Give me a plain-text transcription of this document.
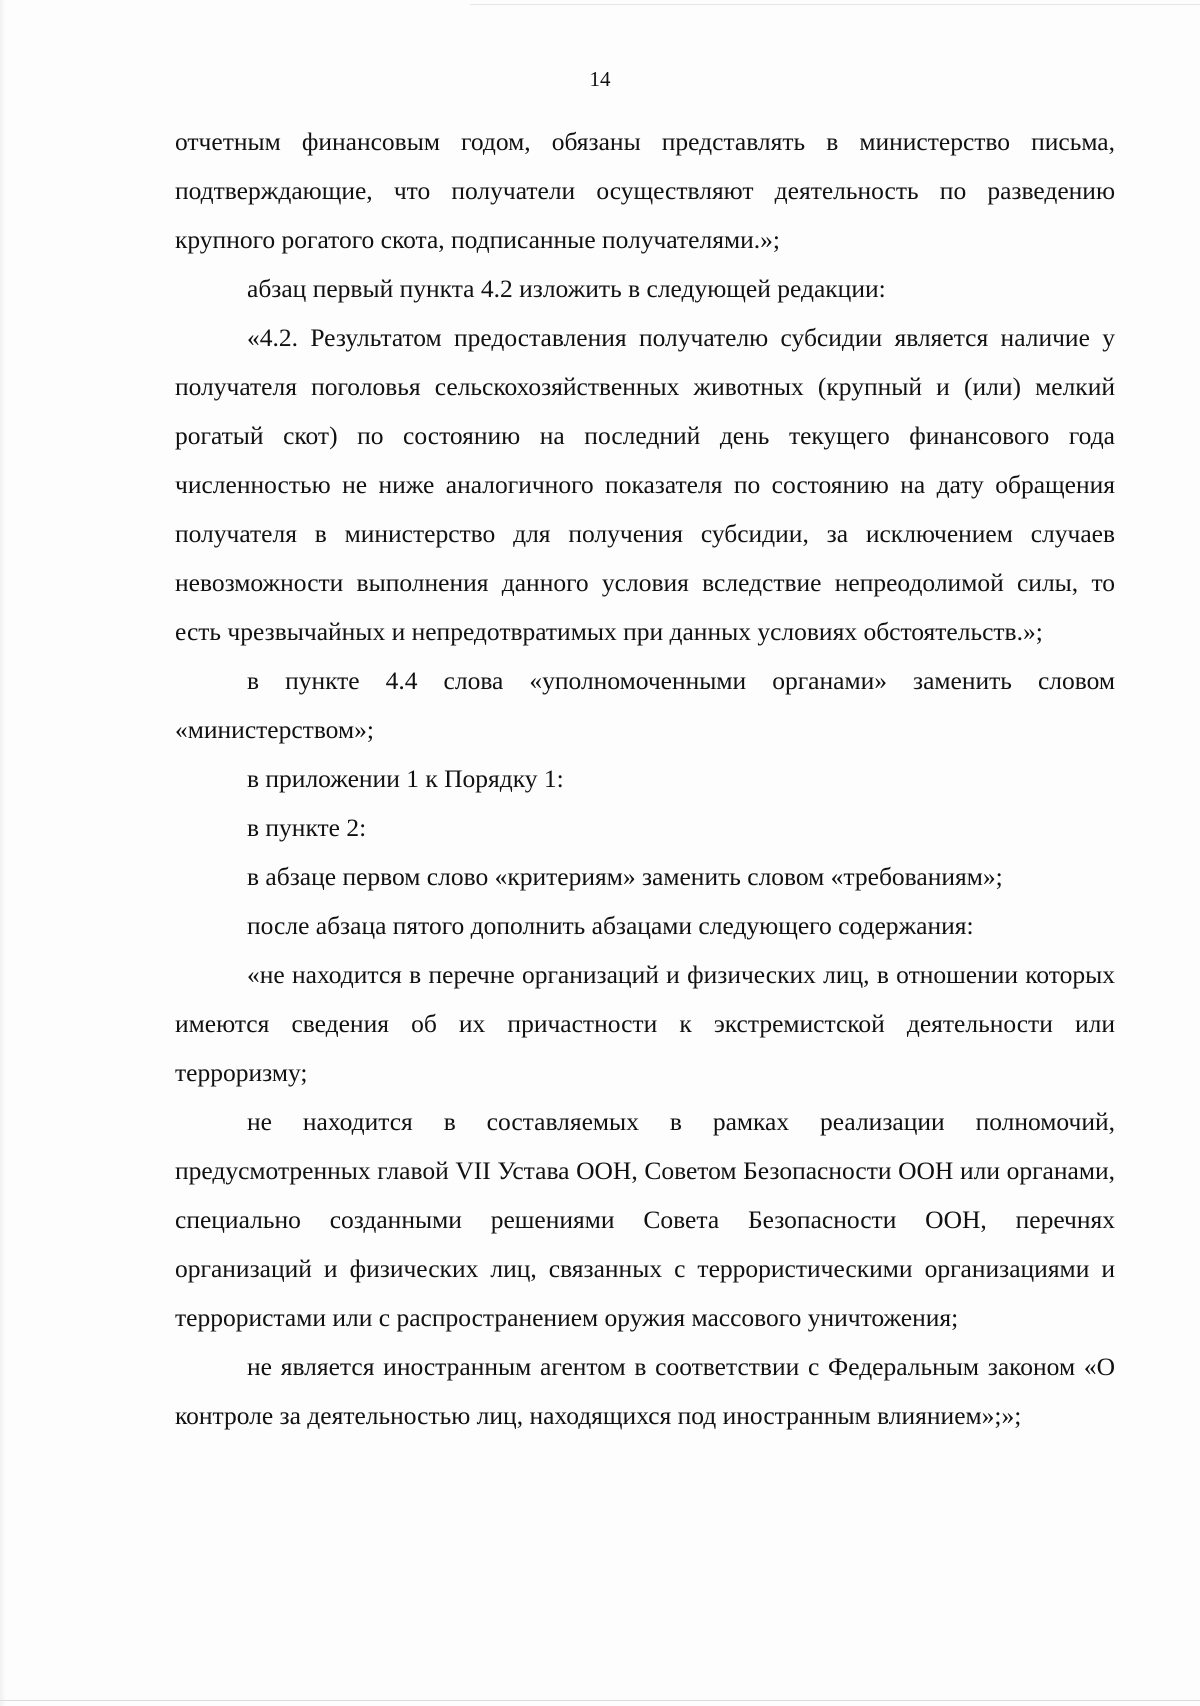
14

отчетным финансовым годом, обязаны представлять в министерство письма, подтверждающие, что получатели осуществляют деятельность по разведению крупного рогатого скота, подписанные получателями.»;

абзац первый пункта 4.2 изложить в следующей редакции:

«4.2. Результатом предоставления получателю субсидии является наличие у получателя поголовья сельскохозяйственных животных (крупный и (или) мелкий рогатый скот) по состоянию на последний день текущего финансового года численностью не ниже аналогичного показателя по состоянию на дату обращения получателя в министерство для получения субсидии, за исключением случаев невозможности выполнения данного условия вследствие непреодолимой силы, то есть чрезвычайных и непредотвратимых при данных условиях обстоятельств.»;

в пункте 4.4 слова «уполномоченными органами» заменить словом «министерством»;

в приложении 1 к Порядку 1:

в пункте 2:

в абзаце первом слово «критериям» заменить словом «требованиям»;

после абзаца пятого дополнить абзацами следующего содержания:

«не находится в перечне организаций и физических лиц, в отношении которых имеются сведения об их причастности к экстремистской деятельности или терроризму;

не находится в составляемых в рамках реализации полномочий, предусмотренных главой VII Устава ООН, Советом Безопасности ООН или органами, специально созданными решениями Совета Безопасности ООН, перечнях организаций и физических лиц, связанных с террористическими организациями и террористами или с распространением оружия массового уничтожения;

не является иностранным агентом в соответствии с Федеральным законом «О контроле за деятельностью лиц, находящихся под иностранным влиянием»;»;
